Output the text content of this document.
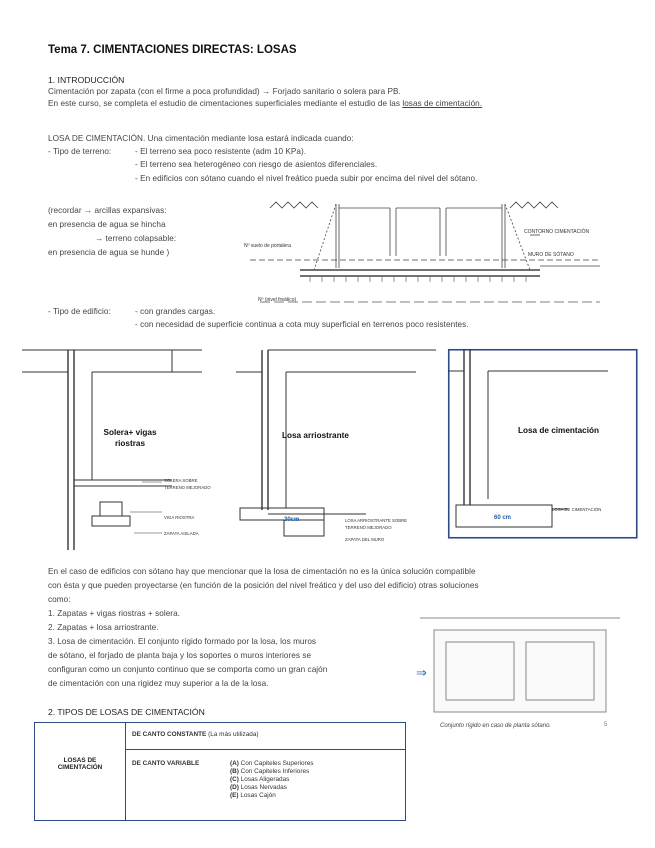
Tema 7. CIMENTACIONES DIRECTAS: LOSAS
1. INTRODUCCIÓN
Cimentación por zapata (con el firme a poca profundidad) → Forjado sanitario o solera para PB.
En este curso, se completa el estudio de cimentaciones superficiales mediante el estudio de las losas de cimentación.
LOSA DE CIMENTACIÓN. Una cimentación mediante losa estará indicada cuando:
- Tipo de terreno:	- El terreno sea poco resistente (adm 10 KPa).
- El terreno sea heterogéneo con riesgo de asientos diferenciales.
- En edificios con sótano cuando el nivel freático pueda subir por encima del nivel del sótano.
(recordar → arcillas expansivas:
en presencia de agua se hincha
→ terreno colapsable:
en presencia de agua se hunde )
Nº suelo de portalera
CONTORNO CIMENTACIÓN
MURO DE SÓTANO
Nº (nivel freático)
- Tipo de edificio:	- con grandes cargas.
- con necesidad de superficie continua a cota muy superficial en terrenos poco resistentes.
Solera+ vigas riostras
SOLERA SOBRE
TERRENO MEJORADO
VIGA RIOSTRA
ZAPATA AISLADA
Losa arriostrante
30cm	LOSA ARRIOSTRANTE SOBRE
TERRENO MEJORADO
ZAPATA DEL MURO
Losa de cimentación
60 cm
LOSA DE CIMENTACIÓN
En el caso de edificios con sótano hay que mencionar que la losa de cimentación no es la única solución compatible
con ésta y que pueden proyectarse (en función de la posición del nivel freático y del uso del edificio) otras soluciones
como:
1. Zapatas + vigas riostras + solera.
2. Zapatas + losa arriostrante.
3. Losa de cimentación. El conjunto rígido formado por la losa, los muros
de sótano, el forjado de planta baja y los soportes o muros interiores se
configuran como un conjunto continuo que se comporta como un gran cajón
de cimentación con una rigidez muy superior a la de la losa.
⇒
Conjunto rígido en caso de planta sótano.	5
2. TIPOS DE LOSAS DE CIMENTACIÓN
LOSAS DE
CIMENTACIÓN

DE CANTO CONSTANTE (La más utilizada)
DE CANTO VARIABLE	(A) Con Capiteles Superiores
(B) Con Capiteles Inferiores
(C) Losas Aligeradas
(D) Losas Nervadas
(E) Losas Cajón
